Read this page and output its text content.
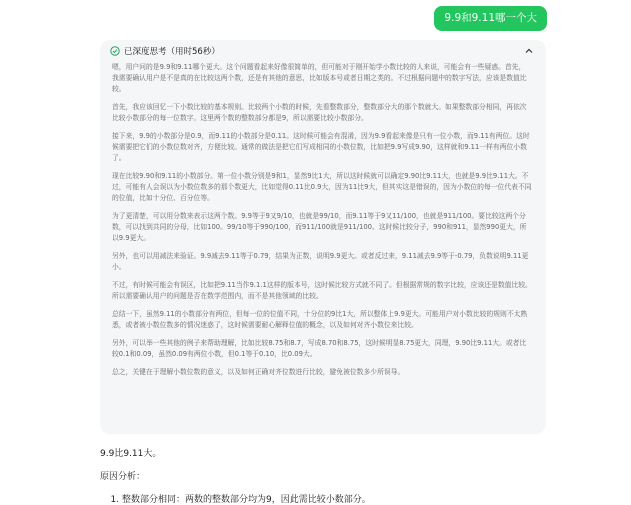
9.9和9.11哪一个大
已深度思考（用时56秒）

嗯，用户问的是9.9和9.11哪个更大。这个问题看起来好像很简单的，但可能对于刚开始学小数比较的人来说，可能会有一些疑惑。首先，我需要确认用户是不是真的在比较这两个数，还是有其他的意思，比如版本号或者日期之类的。不过根据问题中的数字写法，应该是数值比较。

首先，我应该回忆一下小数比较的基本规则。比较两个小数的时候，先看整数部分，整数部分大的那个数就大。如果整数部分相同，再依次比较小数部分的每一位数字。这里两个数的整数部分都是9，所以需要比较小数部分。

接下来，9.9的小数部分是0.9，而9.11的小数部分是0.11。这时候可能会有混淆，因为9.9看起来像是只有一位小数，而9.11有两位。这时候需要把它们的小数位数对齐，方便比较。通常的做法是把它们写成相同的小数位数，比如把9.9写成9.90，这样就和9.11一样有两位小数了。

现在比较9.90和9.11的小数部分。第一位小数分别是9和1，显然9比1大，所以这时候就可以确定9.90比9.11大，也就是9.9比9.11大。不过，可能有人会误以为小数位数多的那个数更大，比如觉得0.11比0.9大，因为11比9大，但其实这是错误的，因为小数位的每一位代表不同的位值，比如十分位、百分位等。

为了更清楚，可以用分数来表示这两个数。9.9等于9又9/10，也就是99/10，而9.11等于9又11/100，也就是911/100。要比较这两个分数，可以找到共同的分母，比如100。99/10等于990/100，而911/100就是911/100。这时候比较分子，990和911，显然990更大，所以9.9更大。

另外，也可以用减法来验证。9.9减去9.11等于0.79，结果为正数，说明9.9更大。或者反过来，9.11减去9.9等于-0.79，负数说明9.11更小。

不过，有时候可能会有误区，比如把9.11当作9.1.1这样的版本号，这时候比较方式就不同了。但根据常规的数字比较，应该还是数值比较。所以需要确认用户的问题是否在数学范围内，而不是其他领域的比较。

总结一下，虽然9.11的小数部分有两位，但每一位的位值不同，十分位的9比1大，所以整体上9.9更大。可能用户对小数比较的规则不太熟悉，或者被小数位数多的情况迷惑了，这时候需要耐心解释位值的概念，以及如何对齐小数位来比较。

另外，可以举一些其他的例子来帮助理解，比如比较8.75和8.7，写成8.70和8.75，这时候明显8.75更大，同理，9.90比9.11大。或者比较0.1和0.09，虽然0.09有两位小数，但0.1等于0.10，比0.09大。

总之，关键在于理解小数位数的意义，以及如何正确对齐位数进行比较，避免被位数多少所误导。

9.9比9.11大。

原因分析：

1. 整数部分相同：两数的整数部分均为9，因此需比较小数部分。
